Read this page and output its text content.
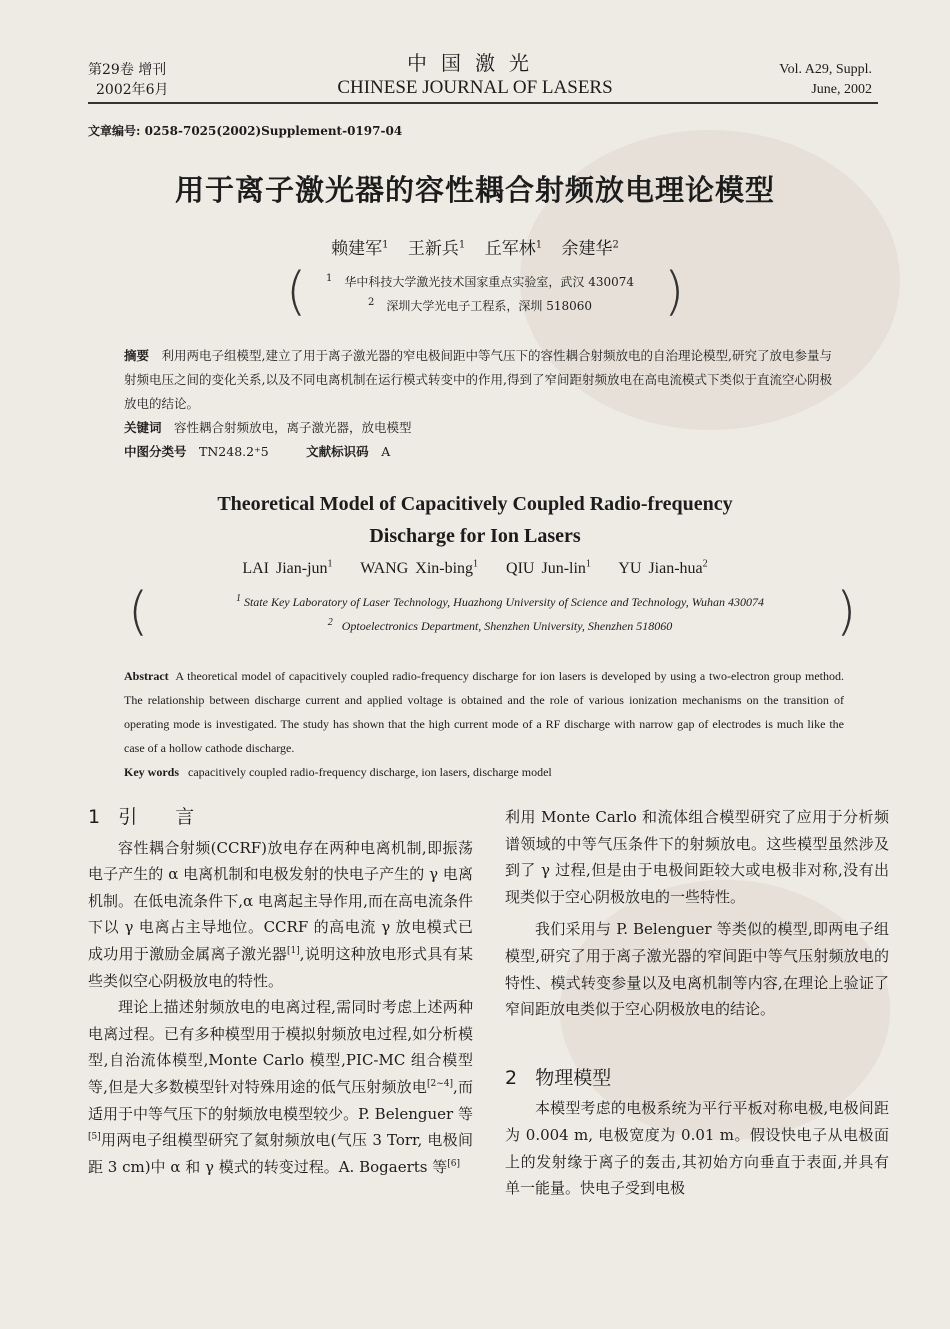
第29卷 增刊
2002年6月
中国激光
CHINESE JOURNAL OF LASERS
Vol. A29, Suppl.
June, 2002
文章编号: 0258-7025(2002)Supplement-0197-04
用于离子激光器的容性耦合射频放电理论模型
赖建军$^1$ 王新兵$^1$ 丘军林$^1$ 余建华$^2$
(	)
$^1$　 华中科技大学激光技术国家重点实验室，武汉 430074
$^2$　 深圳大学光电子工程系，深圳 518060
摘要　 利用两电子组模型,建立了用于离子激光器的窄电极间距中等气压下的容性耦合射频放电的自治理论模型,研究了放电参量与射频电压之间的变化关系,以及不同电离机制在运行模式转变中的作用,得到了窄间距射频放电在高电流模式下类似于直流空心阴极放电的结论。
关键词　 容性耦合射频放电，离子激光器，放电模型
中图分类号　 TN248.2⁺5　　　	文献标识码　 A
Theoretical Model of Capacitively Coupled Radio-frequency
Discharge for Ion Lasers
LAI Jian-jun$^1$ WANG Xin-bing$^1$ QIU Jun-lin$^1$ YU Jian-hua$^2$
(	)
$^1$ State Key Laboratory of Laser Technology, Huazhong University of Science and Technology, Wuhan 430074
$^2$ Optoelectronics Department, Shenzhen University, Shenzhen 518060
Abstract A theoretical model of capacitively coupled radio-frequency discharge for ion lasers is developed by using a two-electron group method. The relationship between discharge current and applied voltage is obtained and the role of various ionization mechanisms on the transition of operating mode is investigated. The study has shown that the high current mode of a RF discharge with narrow gap of electrodes is much like the case of a hollow cathode discharge.
Key words capacitively coupled radio-frequency discharge, ion lasers, discharge model
1 引　　言
容性耦合射频(CCRF)放电存在两种电离机制,即振荡电子产生的 α 电离机制和电极发射的快电子产生的 γ 电离机制。在低电流条件下,α 电离起主导作用,而在高电流条件下以 γ 电离占主导地位。CCRF 的高电流 γ 放电模式已成功用于激励金属离子激光器[1],说明这种放电形式具有某些类似空心阴极放电的特性。
理论上描述射频放电的电离过程,需同时考虑上述两种电离过程。已有多种模型用于模拟射频放电过程,如分析模型,自治流体模型,Monte Carlo 模型,PIC-MC 组合模型等,但是大多数模型针对特殊用途的低气压射频放电[2~4],而适用于中等气压下的射频放电模型较少。P. Belenguer 等[5]用两电子组模型研究了氦射频放电(气压 3 Torr, 电极间距 3 cm)中 α 和 γ 模式的转变过程。A. Bogaerts 等[6]
利用 Monte Carlo 和流体组合模型研究了应用于分析频谱领域的中等气压条件下的射频放电。这些模型虽然涉及到了 γ 过程,但是由于电极间距较大或电极非对称,没有出现类似于空心阴极放电的一些特性。
我们采用与 P. Belenguer 等类似的模型,即两电子组模型,研究了用于离子激光器的窄间距中等气压射频放电的特性、模式转变参量以及电离机制等内容,在理论上验证了窄间距放电类似于空心阴极放电的结论。
2 物理模型
本模型考虑的电极系统为平行平板对称电极,电极间距为 0.004 m, 电极宽度为 0.01 m。假设快电子从电极面上的发射缘于离子的轰击,其初始方向垂直于表面,并具有单一能量。快电子受到电极
